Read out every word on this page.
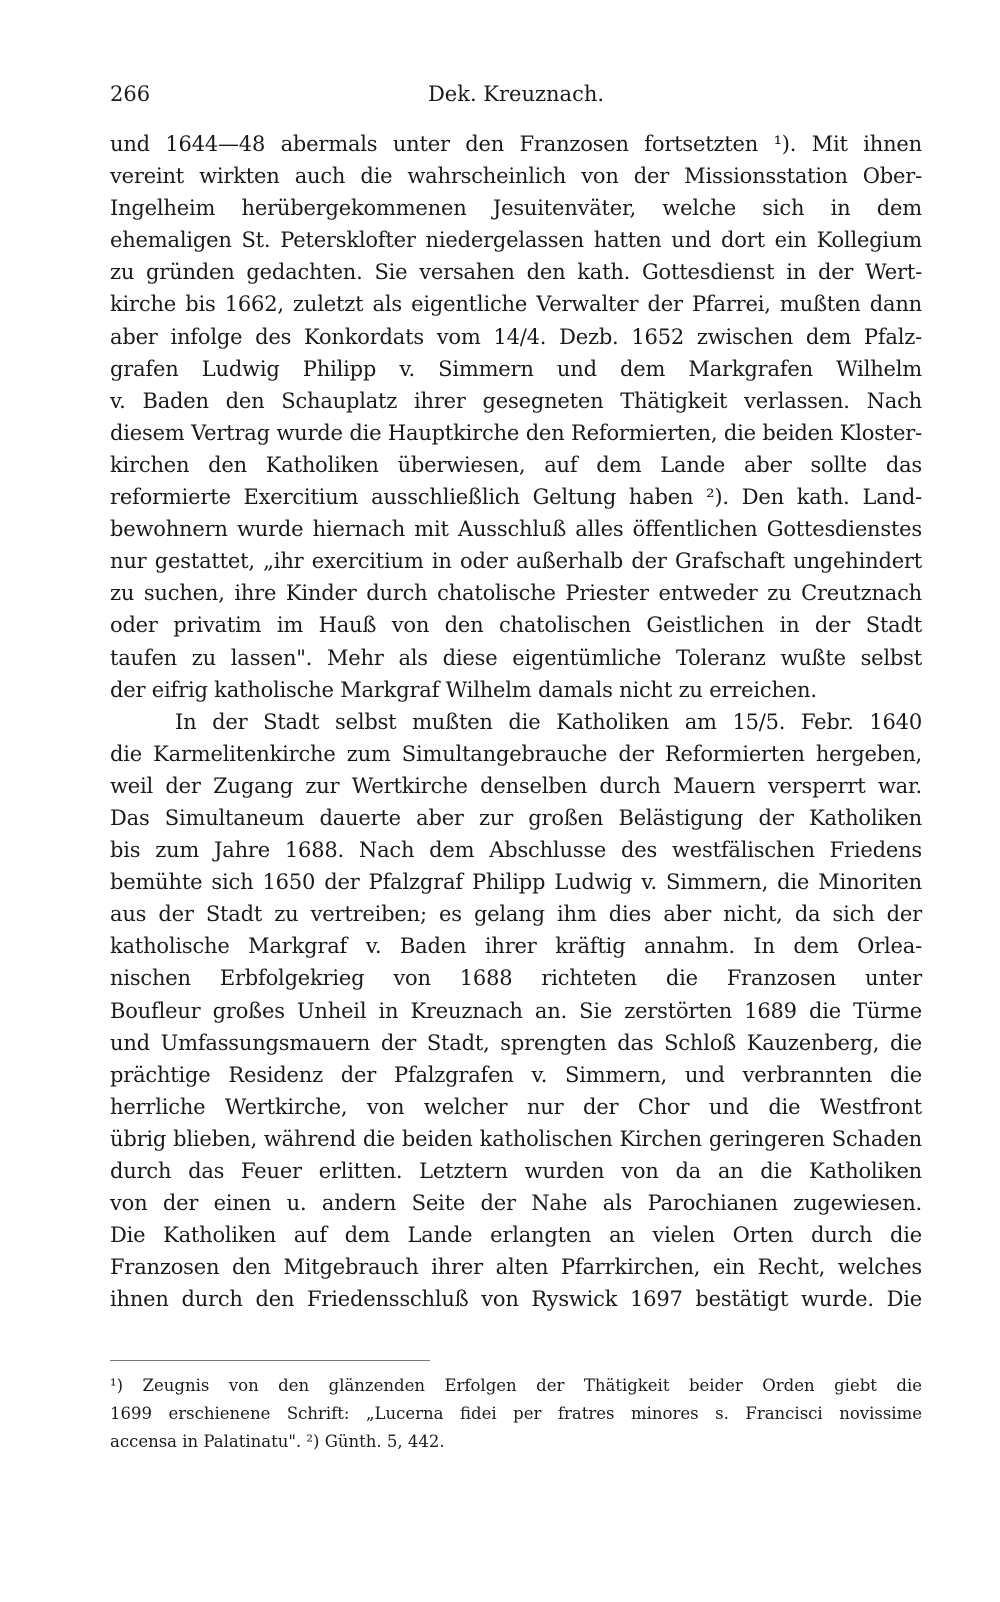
266	Dek. Kreuznach.
und 1644—48 abermals unter den Franzosen fortsetzten ¹). Mit ihnen
vereint wirkten auch die wahrscheinlich von der Missionsstation Ober-
Ingelheim herübergekommenen Jesuitenväter, welche sich in dem
ehemaligen St. Petersklofter niedergelassen hatten und dort ein Kollegium
zu gründen gedachten. Sie versahen den kath. Gottesdienst in der Wert-
kirche bis 1662, zuletzt als eigentliche Verwalter der Pfarrei, mußten dann
aber infolge des Konkordats vom 14/4. Dezb. 1652 zwischen dem Pfalz-
grafen Ludwig Philipp v. Simmern und dem Markgrafen Wilhelm
v. Baden den Schauplatz ihrer gesegneten Thätigkeit verlassen. Nach
diesem Vertrag wurde die Hauptkirche den Reformierten, die beiden Kloster-
kirchen den Katholiken überwiesen, auf dem Lande aber sollte das
reformierte Exercitium ausschließlich Geltung haben ²). Den kath. Land-
bewohnern wurde hiernach mit Ausschluß alles öffentlichen Gottesdienstes
nur gestattet, „ihr exercitium in oder außerhalb der Grafschaft ungehindert
zu suchen, ihre Kinder durch chatolische Priester entweder zu Creutznach
oder privatim im Hauß von den chatolischen Geistlichen in der Stadt
taufen zu lassen". Mehr als diese eigentümliche Toleranz wußte selbst
der eifrig katholische Markgraf Wilhelm damals nicht zu erreichen.
In der Stadt selbst mußten die Katholiken am 15/5. Febr. 1640
die Karmelitenkirche zum Simultangebrauche der Reformierten hergeben,
weil der Zugang zur Wertkirche denselben durch Mauern versperrt war.
Das Simultaneum dauerte aber zur großen Belästigung der Katholiken
bis zum Jahre 1688. Nach dem Abschlusse des westfälischen Friedens
bemühte sich 1650 der Pfalzgraf Philipp Ludwig v. Simmern, die Minoriten
aus der Stadt zu vertreiben; es gelang ihm dies aber nicht, da sich der
katholische Markgraf v. Baden ihrer kräftig annahm. In dem Orlea-
nischen Erbfolgekrieg von 1688 richteten die Franzosen unter
Boufleur großes Unheil in Kreuznach an. Sie zerstörten 1689 die Türme
und Umfassungsmauern der Stadt, sprengten das Schloß Kauzenberg, die
prächtige Residenz der Pfalzgrafen v. Simmern, und verbrannten die
herrliche Wertkirche, von welcher nur der Chor und die Westfront
übrig blieben, während die beiden katholischen Kirchen geringeren Schaden
durch das Feuer erlitten. Letztern wurden von da an die Katholiken
von der einen u. andern Seite der Nahe als Parochianen zugewiesen.
Die Katholiken auf dem Lande erlangten an vielen Orten durch die
Franzosen den Mitgebrauch ihrer alten Pfarrkirchen, ein Recht, welches
ihnen durch den Friedensschluß von Ryswick 1697 bestätigt wurde. Die
¹) Zeugnis von den glänzenden Erfolgen der Thätigkeit beider Orden giebt die
1699 erschienene Schrift: „Lucerna fidei per fratres minores s. Francisci novissime
accensa in Palatinatu". ²) Günth. 5, 442.
